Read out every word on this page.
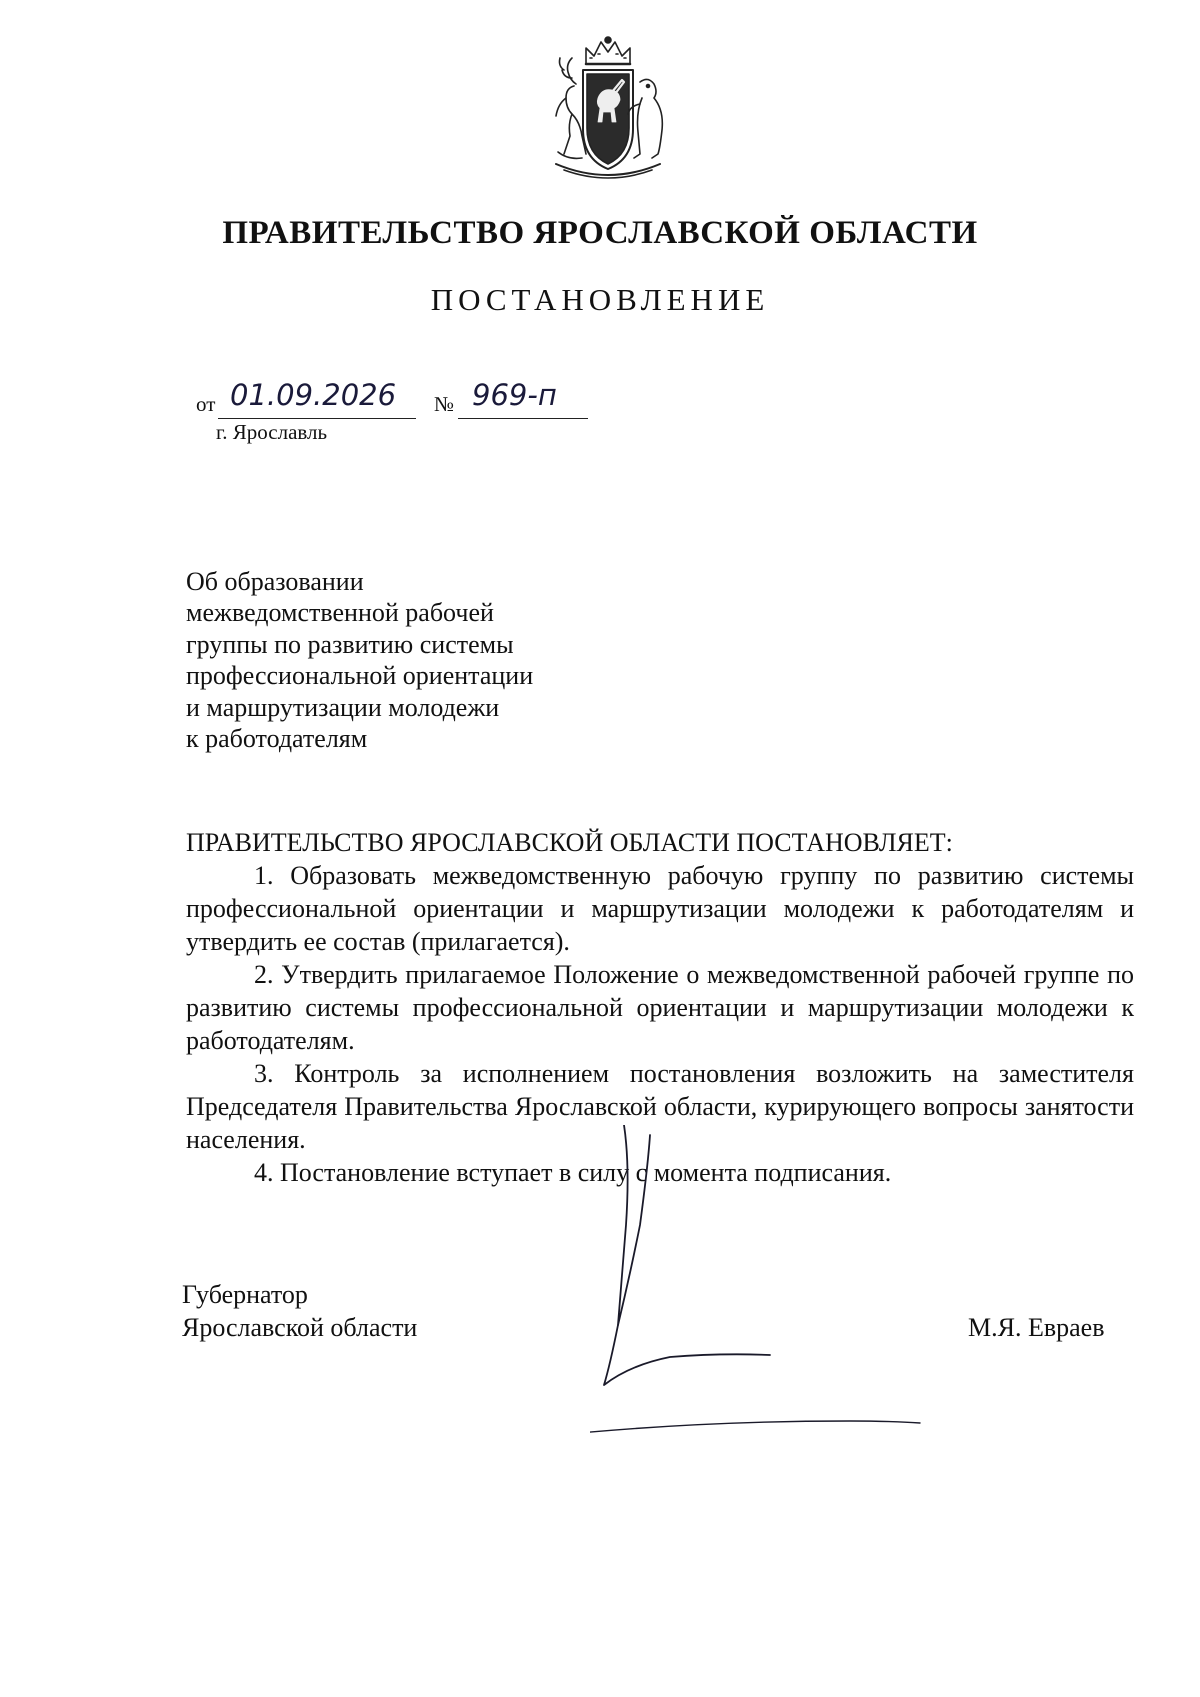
ПРАВИТЕЛЬСТВО ЯРОСЛАВСКОЙ ОБЛАСТИ
ПОСТАНОВЛЕНИЕ
от 01.09.2026 № 969-п
г. Ярославль
Об образовании
межведомственной рабочей
группы по развитию системы
профессиональной ориентации
и маршрутизации молодежи
к работодателям
ПРАВИТЕЛЬСТВО ЯРОСЛАВСКОЙ ОБЛАСТИ ПОСТАНОВЛЯЕТ:

1. Образовать межведомственную рабочую группу по развитию системы профессиональной ориентации и маршрутизации молодежи к работодателям и утвердить ее состав (прилагается).

2. Утвердить прилагаемое Положение о межведомственной рабочей группе по развитию системы профессиональной ориентации и маршрутизации молодежи к работодателям.

3. Контроль за исполнением постановления возложить на заместителя Председателя Правительства Ярославской области, курирующего вопросы занятости населения.

4. Постановление вступает в силу с момента подписания.

Губернатор
Ярославской области	М.Я. Евраев
